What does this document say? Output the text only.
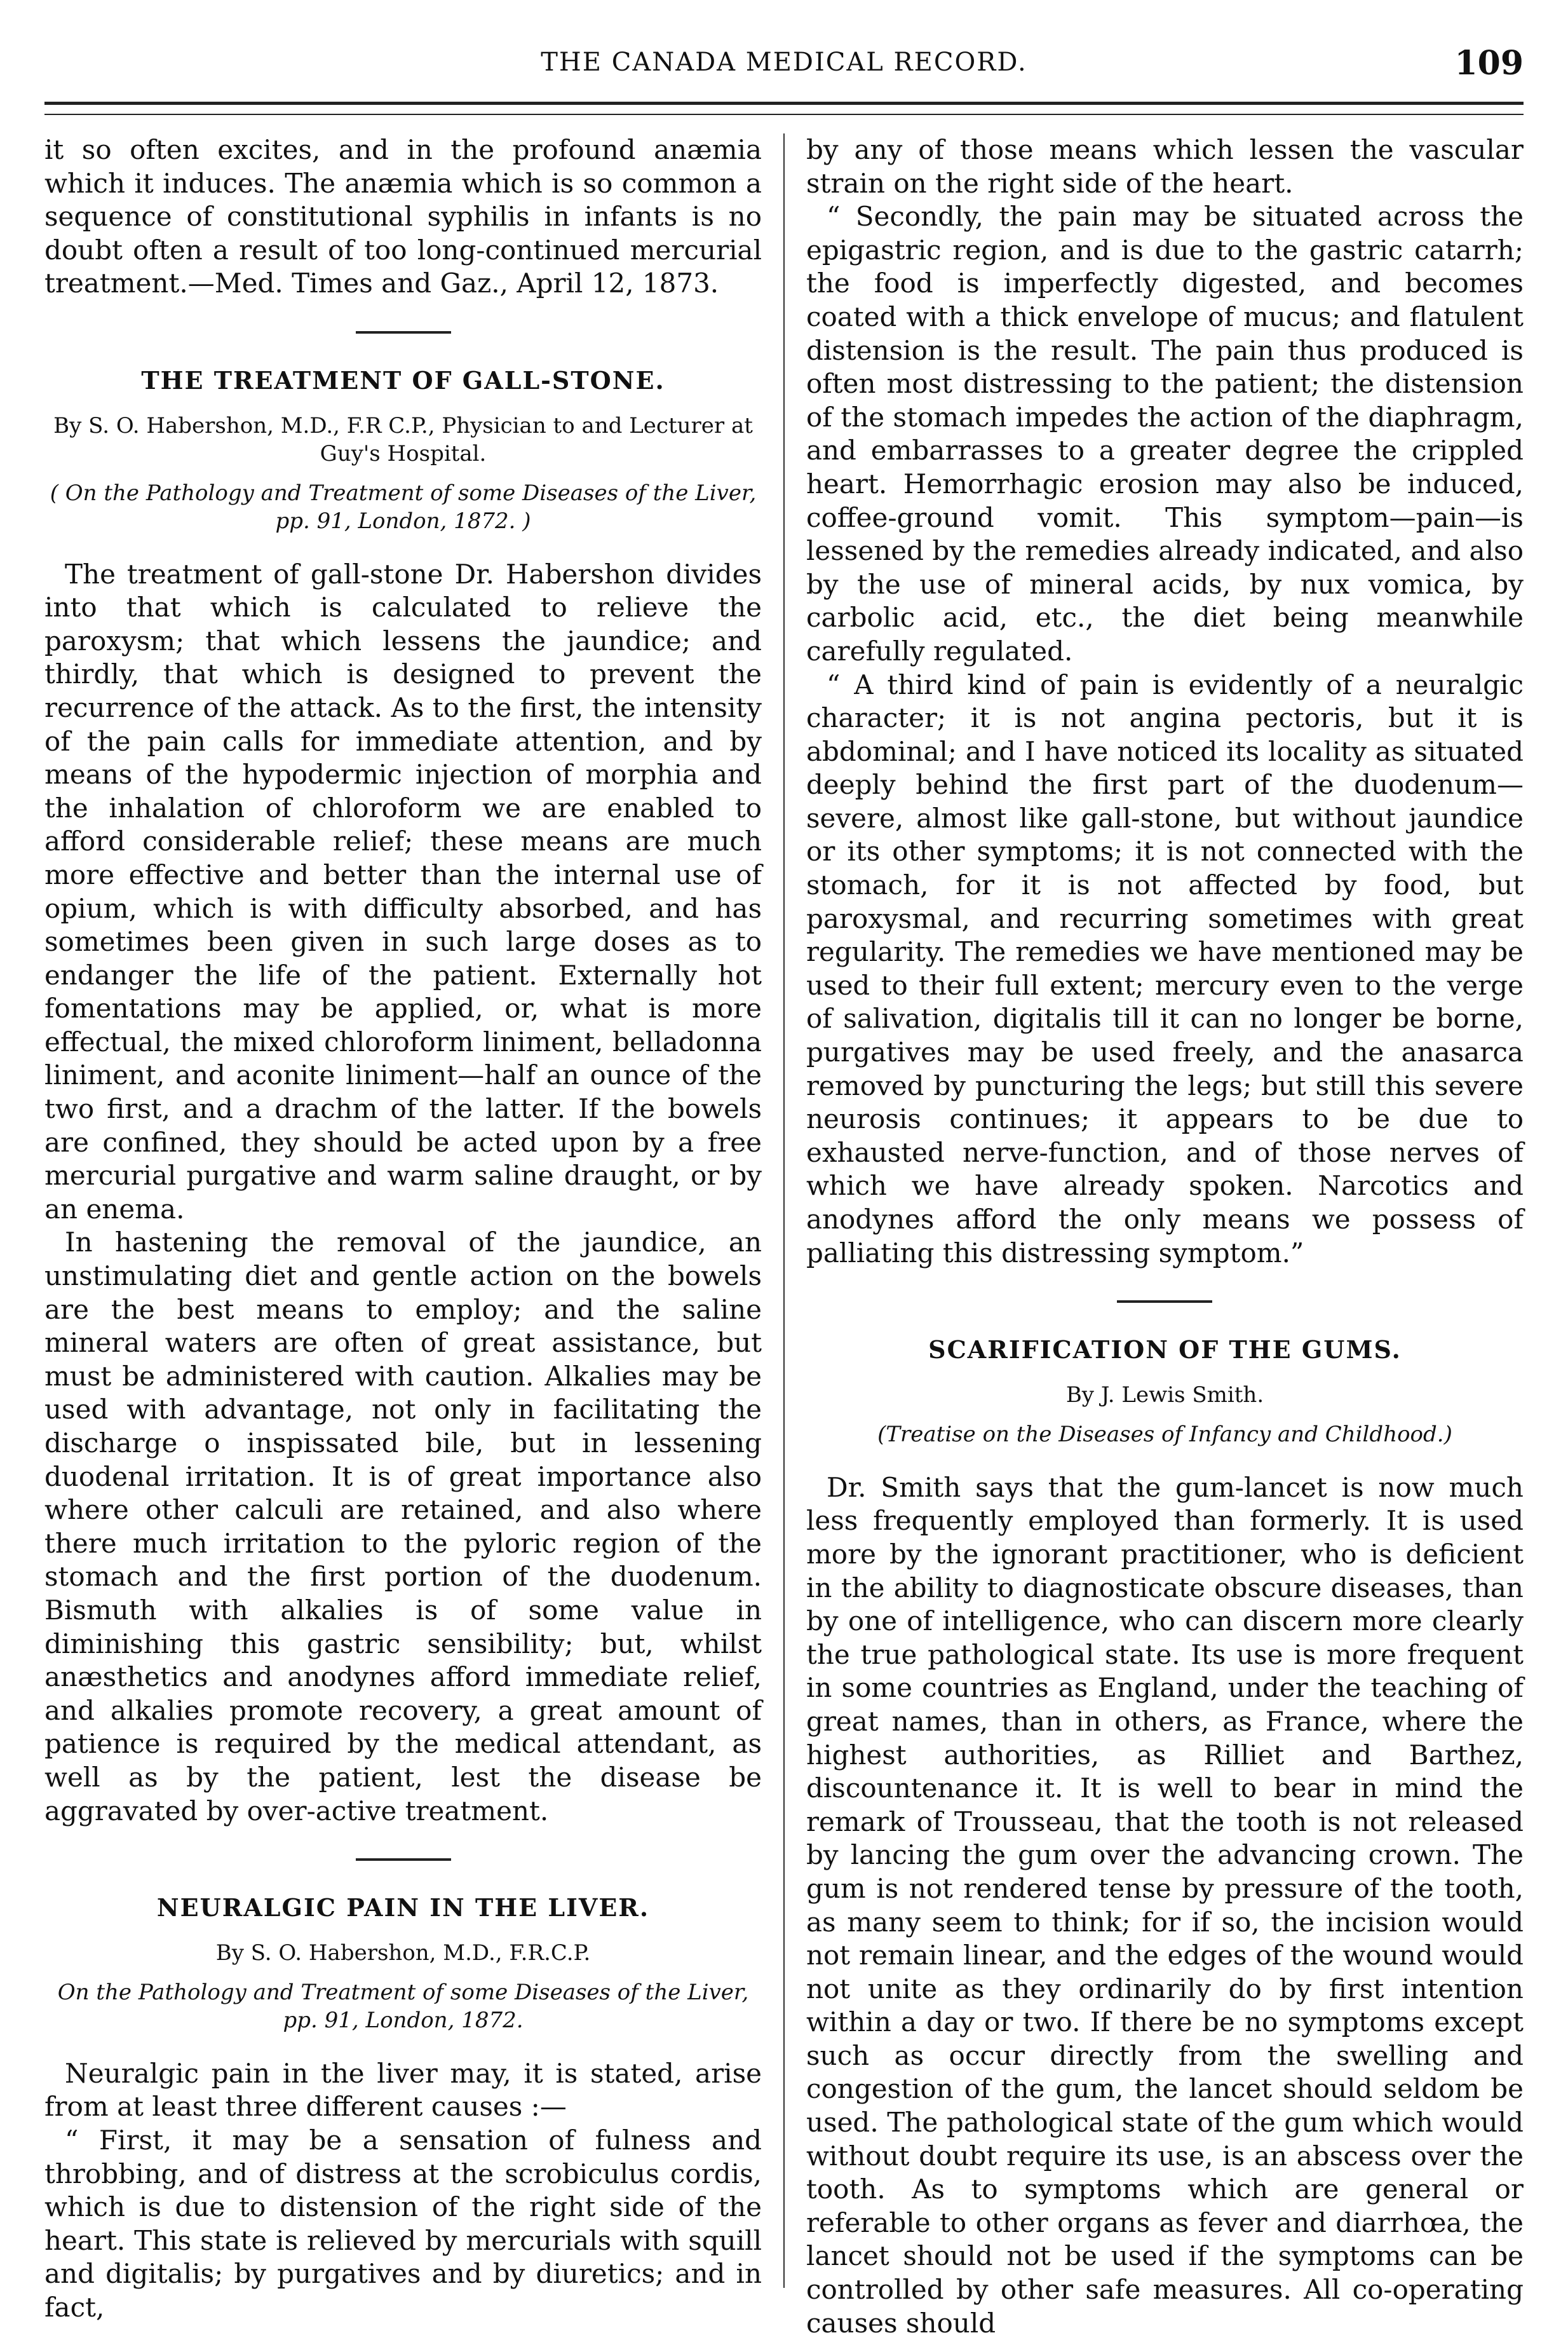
THE CANADA MEDICAL RECORD.	109

it so often excites, and in the profound anæmia which it induces. The anæmia which is so common a sequence of constitutional syphilis in infants is no doubt often a result of too long-continued mercurial treatment.—Med. Times and Gaz., April 12, 1873.

THE TREATMENT OF GALL-STONE.

By S. O. Habershon, M.D., F.R C.P., Physician to and Lecturer at Guy's Hospital.

( On the Pathology and Treatment of some Diseases of the Liver, pp. 91, London, 1872. )

The treatment of gall-stone Dr. Habershon divides into that which is calculated to relieve the paroxysm; that which lessens the jaundice; and thirdly, that which is designed to prevent the recurrence of the attack. As to the first, the intensity of the pain calls for immediate attention, and by means of the hypodermic injection of morphia and the inhalation of chloroform we are enabled to afford considerable relief; these means are much more effective and better than the internal use of opium, which is with difficulty absorbed, and has sometimes been given in such large doses as to endanger the life of the patient. Externally hot fomentations may be applied, or, what is more effectual, the mixed chloroform liniment, belladonna liniment, and aconite liniment—half an ounce of the two first, and a drachm of the latter. If the bowels are confined, they should be acted upon by a free mercurial purgative and warm saline draught, or by an enema.

In hastening the removal of the jaundice, an unstimulating diet and gentle action on the bowels are the best means to employ; and the saline mineral waters are often of great assistance, but must be administered with caution. Alkalies may be used with advantage, not only in facilitating the discharge o inspissated bile, but in lessening duodenal irritation. It is of great importance also where other calculi are retained, and also where there much irritation to the pyloric region of the stomach and the first portion of the duodenum. Bismuth with alkalies is of some value in diminishing this gastric sensibility; but, whilst anæsthetics and anodynes afford immediate relief, and alkalies promote recovery, a great amount of patience is required by the medical attendant, as well as by the patient, lest the disease be aggravated by over-active treatment.

NEURALGIC PAIN IN THE LIVER.

By S. O. Habershon, M.D., F.R.C.P.

On the Pathology and Treatment of some Diseases of the Liver, pp. 91, London, 1872.

Neuralgic pain in the liver may, it is stated, arise from at least three different causes :—

“ First, it may be a sensation of fulness and throbbing, and of distress at the scrobiculus cordis, which is due to distension of the right side of the heart. This state is relieved by mercurials with squill and digitalis; by purgatives and by diuretics; and in fact,

by any of those means which lessen the vascular strain on the right side of the heart.

“ Secondly, the pain may be situated across the epigastric region, and is due to the gastric catarrh; the food is imperfectly digested, and becomes coated with a thick envelope of mucus; and flatulent distension is the result. The pain thus produced is often most distressing to the patient; the distension of the stomach impedes the action of the diaphragm, and embarrasses to a greater degree the crippled heart. Hemorrhagic erosion may also be induced, coffee-ground vomit. This symptom—pain—is lessened by the remedies already indicated, and also by the use of mineral acids, by nux vomica, by carbolic acid, etc., the diet being meanwhile carefully regulated.

“ A third kind of pain is evidently of a neuralgic character; it is not angina pectoris, but it is abdominal; and I have noticed its locality as situated deeply behind the first part of the duodenum—severe, almost like gall-stone, but without jaundice or its other symptoms; it is not connected with the stomach, for it is not affected by food, but paroxysmal, and recurring sometimes with great regularity. The remedies we have mentioned may be used to their full extent; mercury even to the verge of salivation, digitalis till it can no longer be borne, purgatives may be used freely, and the anasarca removed by puncturing the legs; but still this severe neurosis continues; it appears to be due to exhausted nerve-function, and of those nerves of which we have already spoken. Narcotics and anodynes afford the only means we possess of palliating this distressing symptom.”

SCARIFICATION OF THE GUMS.

By J. Lewis Smith.

(Treatise on the Diseases of Infancy and Childhood.)

Dr. Smith says that the gum-lancet is now much less frequently employed than formerly. It is used more by the ignorant practitioner, who is deficient in the ability to diagnosticate obscure diseases, than by one of intelligence, who can discern more clearly the true pathological state. Its use is more frequent in some countries as England, under the teaching of great names, than in others, as France, where the highest authorities, as Rilliet and Barthez, discountenance it. It is well to bear in mind the remark of Trousseau, that the tooth is not released by lancing the gum over the advancing crown. The gum is not rendered tense by pressure of the tooth, as many seem to think; for if so, the incision would not remain linear, and the edges of the wound would not unite as they ordinarily do by first intention within a day or two. If there be no symptoms except such as occur directly from the swelling and congestion of the gum, the lancet should seldom be used. The pathological state of the gum which would without doubt require its use, is an abscess over the tooth. As to symptoms which are general or referable to other organs as fever and diarrhœa, the lancet should not be used if the symptoms can be controlled by other safe measures. All co-operating causes should
